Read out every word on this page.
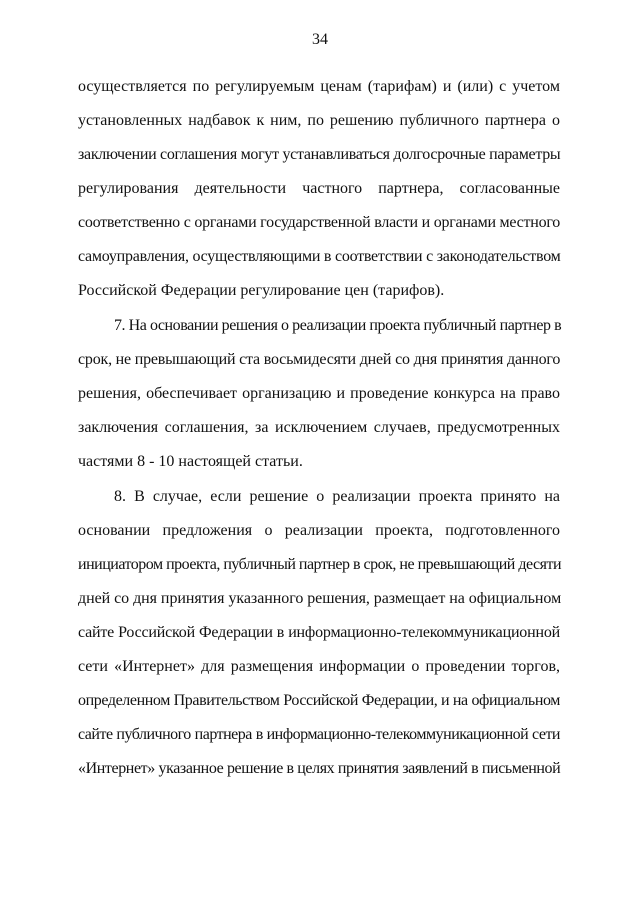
34
осуществляется по регулируемым ценам (тарифам) и (или) с учетом
установленных надбавок к ним, по решению публичного партнера о
заключении соглашения могут устанавливаться долгосрочные параметры
регулирования деятельности частного партнера, согласованные
соответственно с органами государственной власти и органами местного
самоуправления, осуществляющими в соответствии с законодательством
Российской Федерации регулирование цен (тарифов).
7. На основании решения о реализации проекта публичный партнер в
срок, не превышающий ста восьмидесяти дней со дня принятия данного
решения, обеспечивает организацию и проведение конкурса на право
заключения соглашения, за исключением случаев, предусмотренных
частями 8 - 10 настоящей статьи.
8. В случае, если решение о реализации проекта принято на
основании предложения о реализации проекта, подготовленного
инициатором проекта, публичный партнер в срок, не превышающий десяти
дней со дня принятия указанного решения, размещает на официальном
сайте Российской Федерации в информационно-телекоммуникационной
сети «Интернет» для размещения информации о проведении торгов,
определенном Правительством Российской Федерации, и на официальном
сайте публичного партнера в информационно-телекоммуникационной сети
«Интернет» указанное решение в целях принятия заявлений в письменной
